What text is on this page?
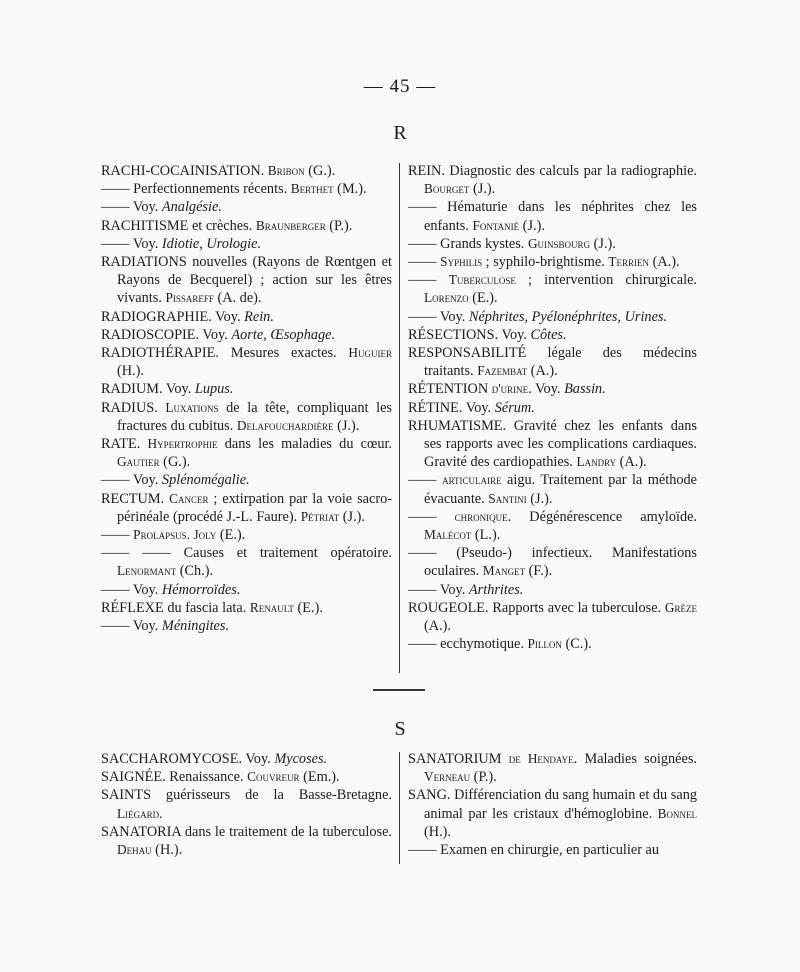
— 45 —
R

RACHI-COCAINISATION. Bribon (G.).

—— Perfectionnements récents. Berthet (M.).

—— Voy. Analgésie.

RACHITISME et crèches. Braunberger (P.).

—— Voy. Idiotie, Urologie.

RADIATIONS nouvelles (Rayons de Rœntgen et Rayons de Becquerel) ; action sur les êtres vivants. Pissareff (A. de).

RADIOGRAPHIE. Voy. Rein.

RADIOSCOPIE. Voy. Aorte, Œsophage.

RADIOTHÉRAPIE. Mesures exactes. Huguier (H.).

RADIUM. Voy. Lupus.

RADIUS. Luxations de la tête, compliquant les fractures du cubitus. Delafouchardière (J.).

RATE. Hypertrophie dans les maladies du cœur. Gautier (G.).

—— Voy. Splénomégalie.

RECTUM. Cancer ; extirpation par la voie sacro-périnéale (procédé J.-L. Faure). Pétriat (J.).

—— Prolapsus. Joly (E.).

—— —— Causes et traitement opératoire. Lenormant (Ch.).

—— Voy. Hémorroïdes.

RÉFLEXE du fascia lata. Renault (E.).

—— Voy. Méningites.

REIN. Diagnostic des calculs par la radiographie. Bourget (J.).

—— Hématurie dans les néphrites chez les enfants. Fontanié (J.).

—— Grands kystes. Guinsbourg (J.).

—— Syphilis ; syphilo-brightisme. Terrien (A.).

—— Tuberculose ; intervention chirurgicale. Lorenzo (E.).

—— Voy. Néphrites, Pyélonéphrites, Urines.

RÉSECTIONS. Voy. Côtes.

RESPONSABILITÉ légale des médecins traitants. Fazembat (A.).

RÉTENTION d'urine. Voy. Bassin.

RÉTINE. Voy. Sérum.

RHUMATISME. Gravité chez les enfants dans ses rapports avec les complications cardiaques. Gravité des cardiopathies. Landry (A.).

—— articulaire aigu. Traitement par la méthode évacuante. Santini (J.).

—— chronique. Dégénérescence amyloïde. Malécot (L.).

—— (Pseudo-) infectieux. Manifestations oculaires. Manget (F.).

—— Voy. Arthrites.

ROUGEOLE. Rapports avec la tuberculose. Grèze (A.).

—— ecchymotique. Pillon (C.).

S

SACCHAROMYCOSE. Voy. Mycoses.

SAIGNÉE. Renaissance. Couvreur (Em.).

SAINTS guérisseurs de la Basse-Bretagne. Liégard.

SANATORIA dans le traitement de la tuberculose. Dehau (H.).

SANATORIUM de Hendaye. Maladies soignées. Verneau (P.).

SANG. Différenciation du sang humain et du sang animal par les cristaux d'hémoglobine. Bonnel (H.).

—— Examen en chirurgie, en particulier au
